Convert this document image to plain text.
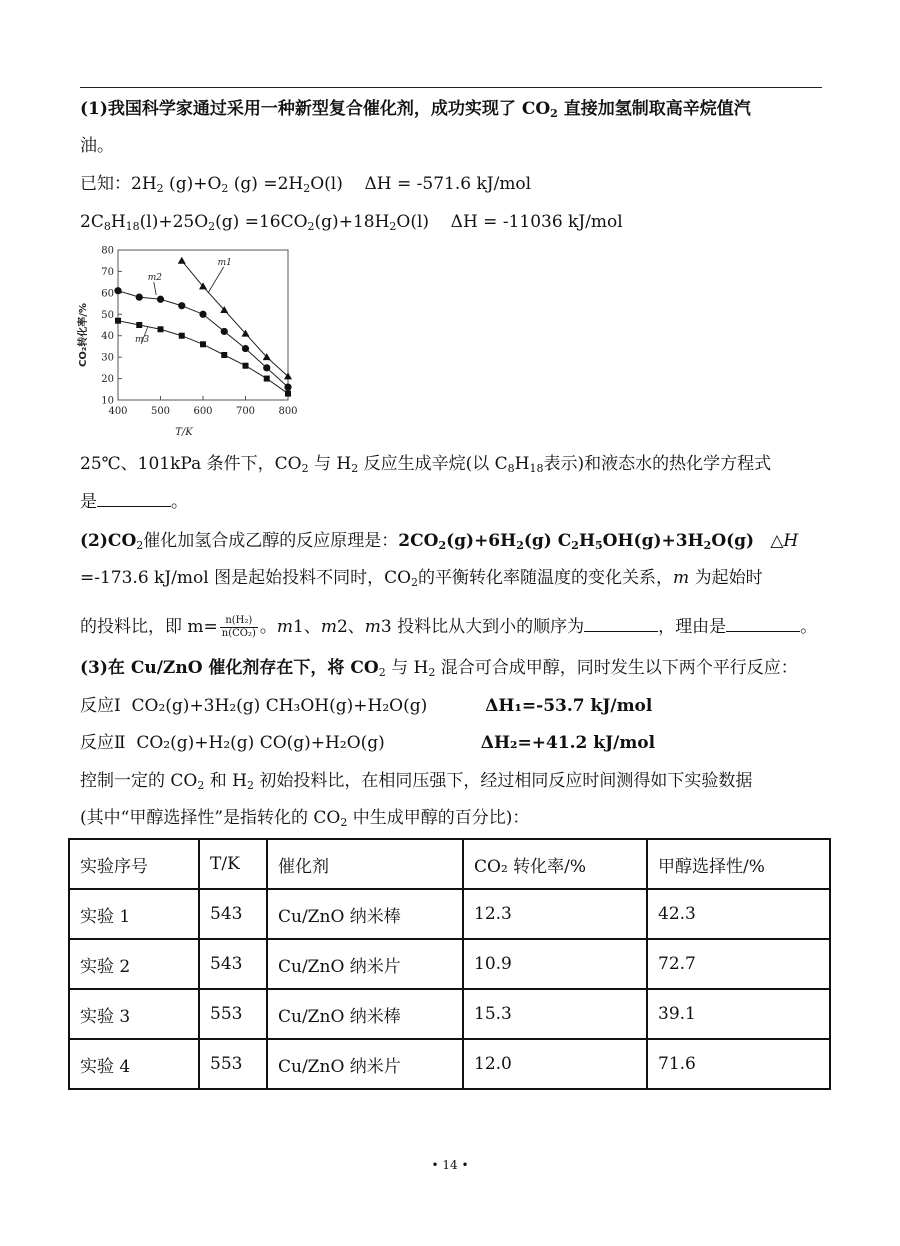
(1)我国科学家通过采用一种新型复合催化剂，成功实现了 $CO_2$ 直接加氢制取高辛烷值汽
油。
已知：$2H_2$ $(g)+O_2$ $(g) =2H_2O(l)$    ΔH = -571.6 kJ/mol
$2C_8H_{18}(l)+25O_2(g) =16CO_2(g)+18H_2O(l)$    ΔH = -11036 kJ/mol
10
20
30
40
50
60
70
80
400 500 600 700 800
m1
m2
m3
CO₂转化率/%
T/K
25℃、101kPa 条件下，$CO_2$ 与 $H_2$ 反应生成辛烷(以 $C_8H_{18}$表示)和液态水的热化学方程式
是	。
$(2)CO_2$催化加氢合成乙醇的反应原理是：$2CO_2(g)+6H_2(g)$ $C_2H_5OH(g)+3H_2O(g)$ △H
=-173.6 kJ/mol 图是起始投料不同时，$CO_2$的平衡转化率随温度的变化关系，m 为起始时
的投料比，即 $m= \frac{\text{n(H₂)}}{\text{n(CO₂)}}$ 。m1、m2、m3 投料比从大到小的顺序为	，理由是	。
(3)在 Cu/ZnO 催化剂存在下，将 $CO_2$ 与 $H_2$ 混合可合成甲醇，同时发生以下两个平行反应：
反应Ⅰ CO₂(g)+3H₂(g) CH₃OH(g)+H₂O(g)	ΔH₁=-53.7 kJ/mol
反应Ⅱ CO₂(g)+H₂(g) CO(g)+H₂O(g)	ΔH₂=+41.2 kJ/mol
控制一定的 $CO_2$ 和 $H_2$ 初始投料比，在相同压强下，经过相同反应时间测得如下实验数据
(其中“甲醇选择性”是指转化的 $CO_2$ 中生成甲醇的百分比)：
实验序号	T/K	催化剂	CO₂ 转化率/%	甲醇选择性/%
实验 1	543	Cu/ZnO 纳米棒	12.3	42.3
实验 2	543	Cu/ZnO 纳米片	10.9	72.7
实验 3	553	Cu/ZnO 纳米棒	15.3	39.1
实验 4	553	Cu/ZnO 纳米片	12.0	71.6
• 14 •
